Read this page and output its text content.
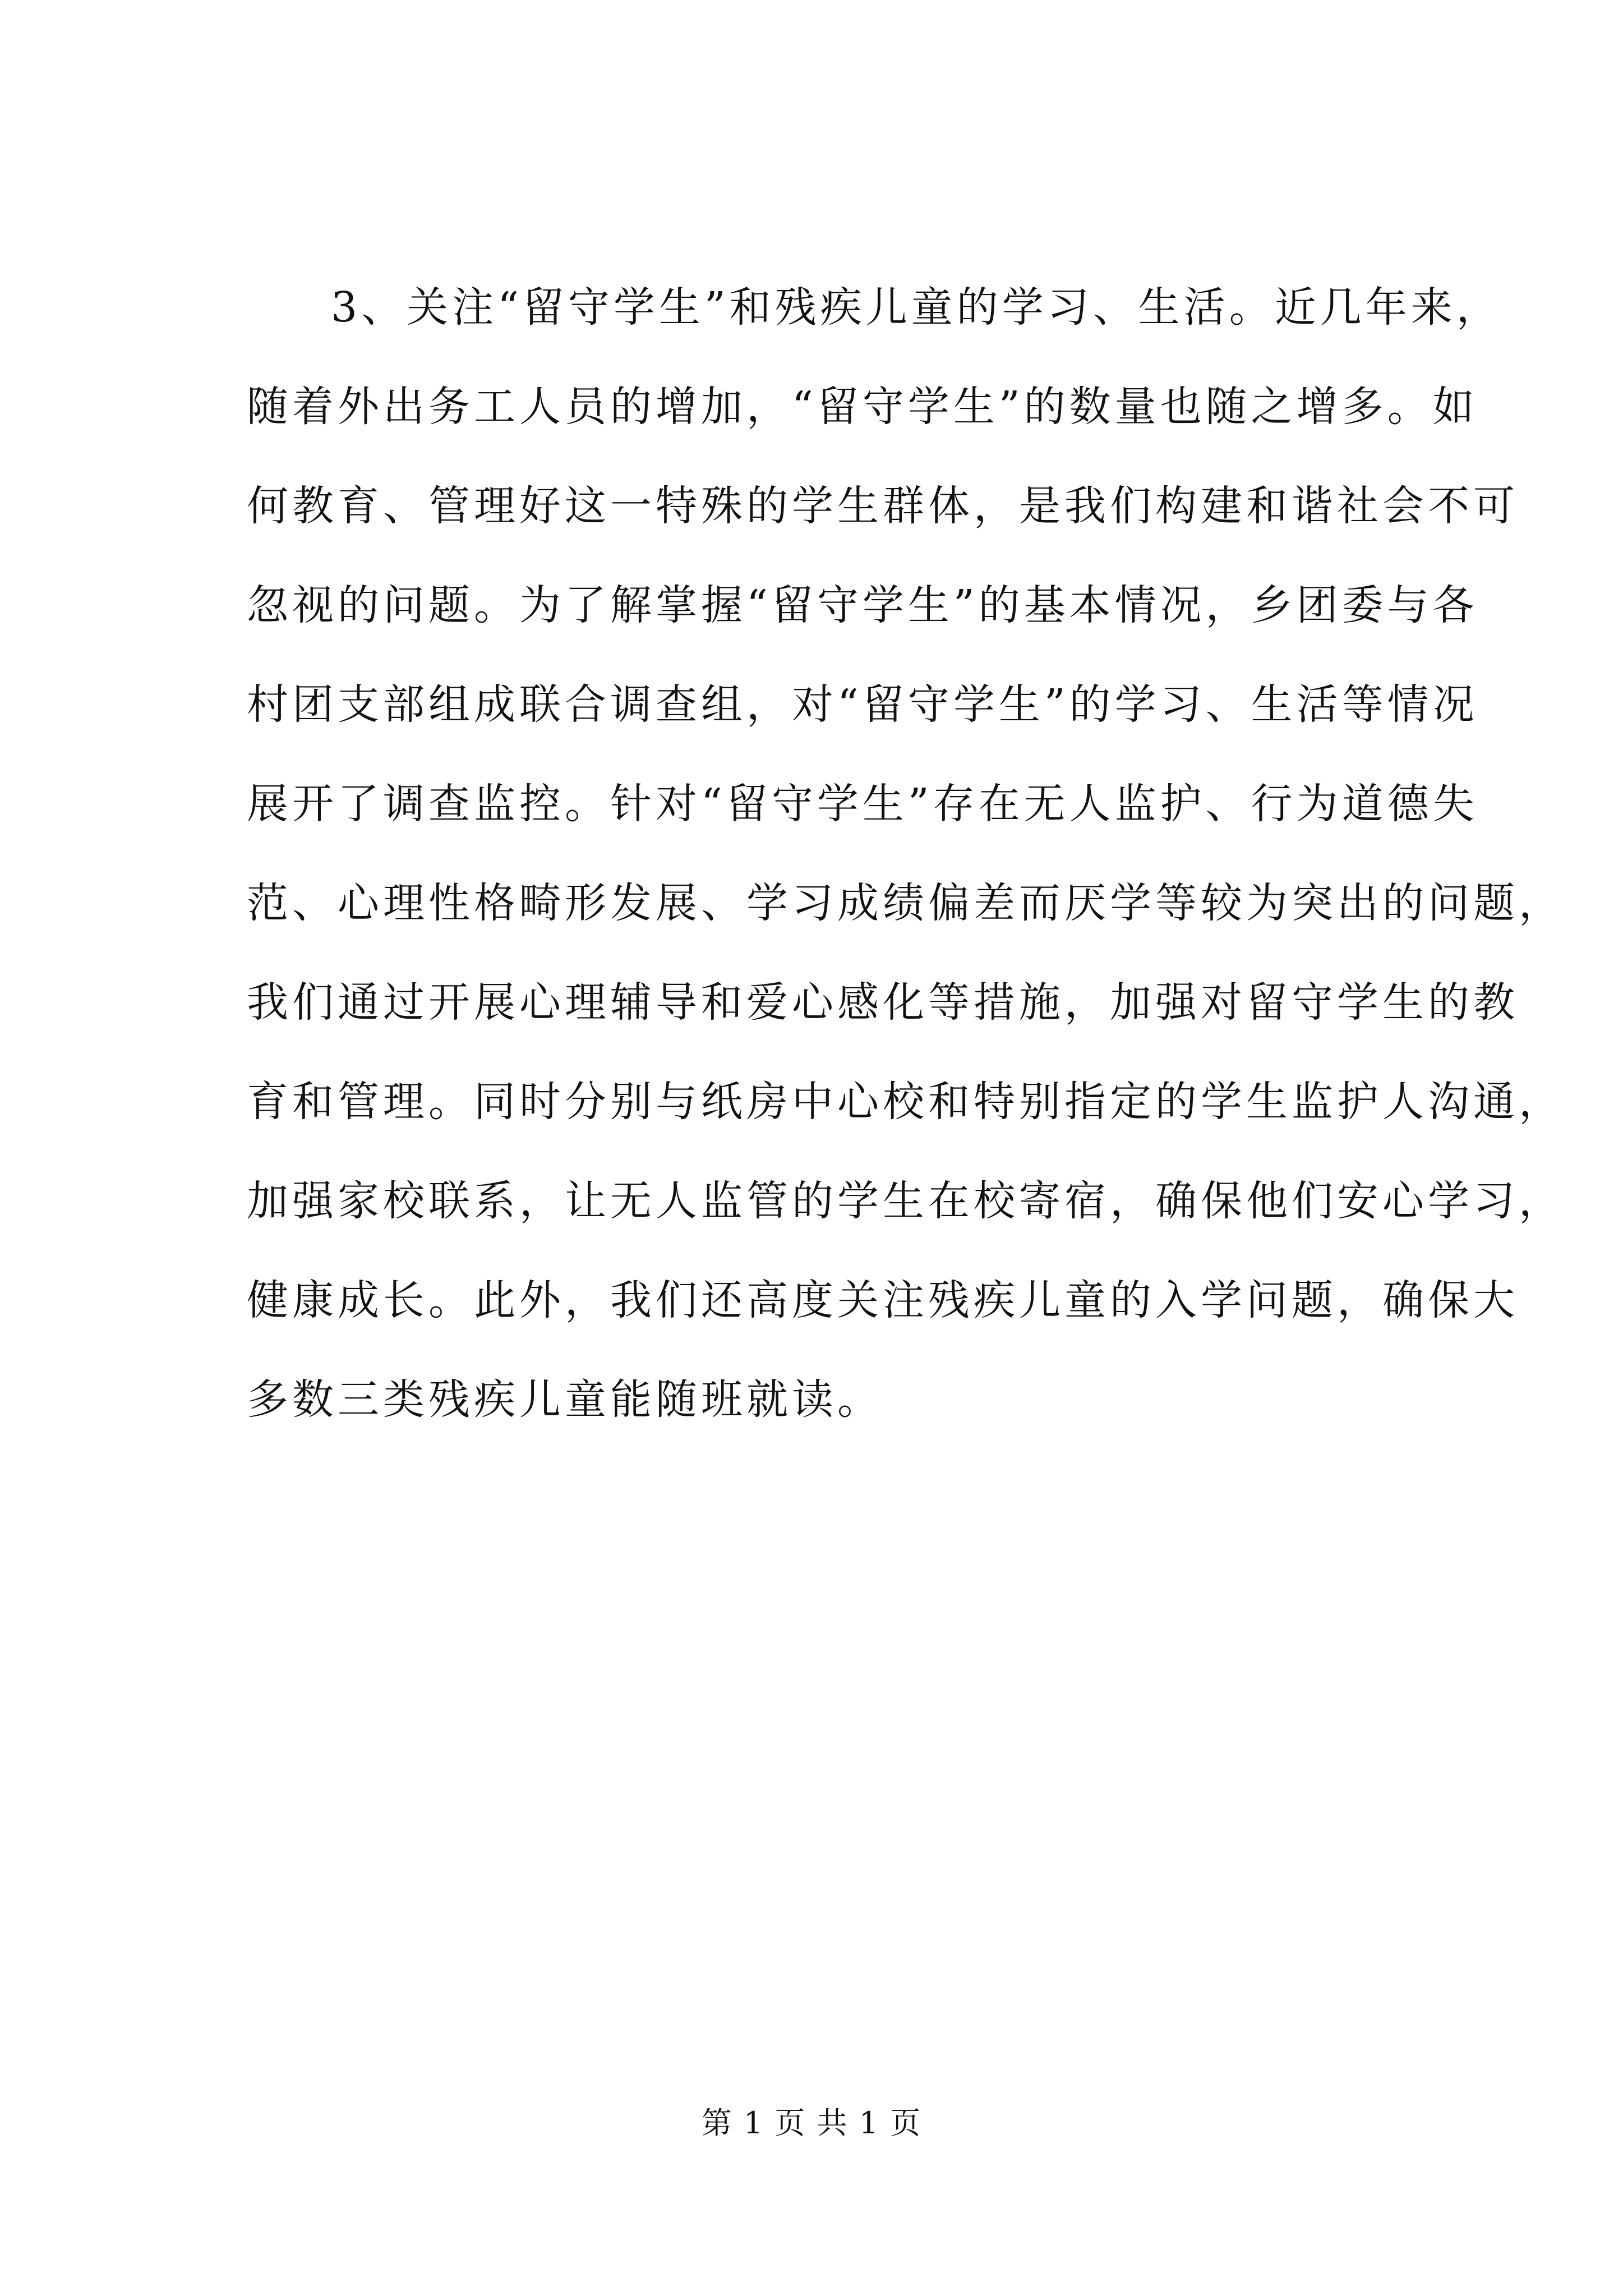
3、关注“留守学生”和残疾儿童的学习、生活。近几年来，
随着外出务工人员的增加，“留守学生”的数量也随之增多。如
何教育、管理好这一特殊的学生群体，是我们构建和谐社会不可
忽视的问题。为了解掌握“留守学生”的基本情况，乡团委与各
村团支部组成联合调查组，对“留守学生”的学习、生活等情况
展开了调查监控。针对“留守学生”存在无人监护、行为道德失
范、心理性格畸形发展、学习成绩偏差而厌学等较为突出的问题，
我们通过开展心理辅导和爱心感化等措施，加强对留守学生的教
育和管理。同时分别与纸房中心校和特别指定的学生监护人沟通，
加强家校联系，让无人监管的学生在校寄宿，确保他们安心学习，
健康成长。此外，我们还高度关注残疾儿童的入学问题，确保大
多数三类残疾儿童能随班就读。
第 1 页 共 1 页
